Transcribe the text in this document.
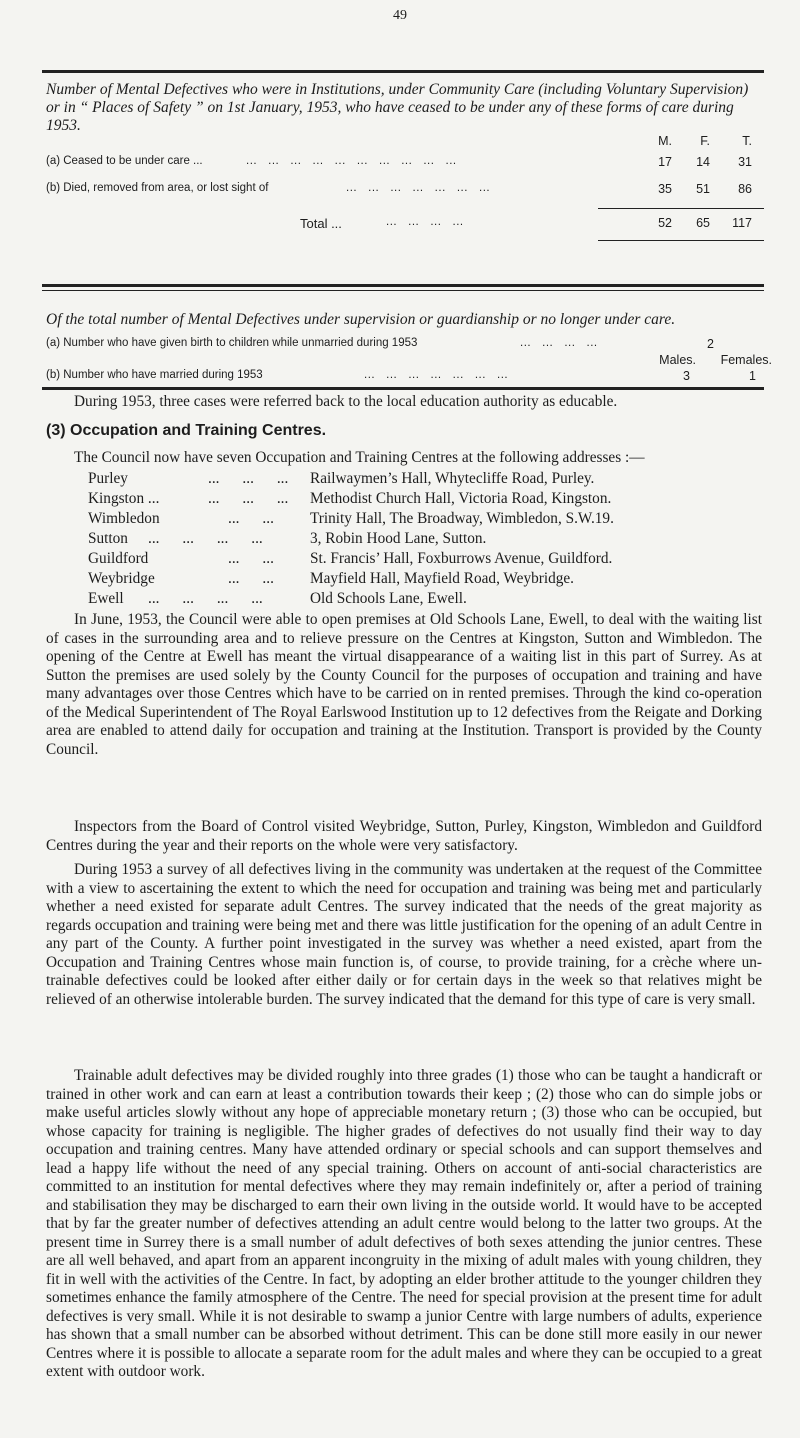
49
Number of Mental Defectives who were in Institutions, under Community Care (including Voluntary Supervision) or in “ Places of Safety ” on 1st January, 1953, who have ceased to be under any of these forms of care during 1953.
M.	F.	T.
(a) Ceased to be under care ...	...   ...   ...   ...   ...   ...   ...   ...   ...   ...	17	14	31
(b) Died, removed from area, or lost sight of	...   ...   ...   ...   ...   ...   ...	35	51	86
Total ...	...   ...   ...   ...	52	65	117
Of the total number of Mental Defectives under supervision or guardianship or no longer under care.
(a) Number who have given birth to children while unmarried during 1953	...   ...   ...   ...	2
Males.	Females.
(b) Number who have married during 1953	...   ...   ...   ...   ...   ...   ...	3	1

During 1953, three cases were referred back to the local education authority as educable.

(3) Occupation and Training Centres.

The Council now have seven Occupation and Training Centres at the following addresses :—

Purley	...      ...      ... Railwaymen’s Hall, Whytecliffe Road, Purley.
Kingston ...	...      ...      ... Methodist Church Hall, Victoria Road, Kingston.
Wimbledon	...      ... Trinity Hall, The Broadway, Wimbledon, S.W.19.
Sutton ...      ...      ...      ...	3, Robin Hood Lane, Sutton.
Guildford	...      ... St. Francis’ Hall, Foxburrows Avenue, Guildford.
Weybridge	...      ... Mayfield Hall, Mayfield Road, Weybridge.
Ewell ...      ...      ...      ...	Old Schools Lane, Ewell.

In June, 1953, the Council were able to open premises at Old Schools Lane, Ewell, to deal with the waiting list of cases in the surrounding area and to relieve pressure on the Centres at Kingston, Sutton and Wimbledon. The opening of the Centre at Ewell has meant the virtual disappearance of a waiting list in this part of Surrey. As at Sutton the premises are used solely by the County Council for the purposes of occupation and training and have many advantages over those Centres which have to be carried on in rented premises. Through the kind co-operation of the Medical Superintendent of The Royal Earlswood Institution up to 12 defectives from the Reigate and Dorking area are enabled to attend daily for occupation and training at the Institution. Transport is provided by the County Council.

Inspectors from the Board of Control visited Weybridge, Sutton, Purley, Kingston, Wimbledon and Guildford Centres during the year and their reports on the whole were very satisfactory.

During 1953 a survey of all defectives living in the community was undertaken at the request of the Committee with a view to ascertaining the extent to which the need for occupation and training was being met and particularly whether a need existed for separate adult Centres. The survey indicated that the needs of the great majority as regards occupation and training were being met and there was little justification for the opening of an adult Centre in any part of the County. A further point investigated in the survey was whether a need existed, apart from the Occupation and Training Centres whose main function is, of course, to provide training, for a crèche where un-trainable defectives could be looked after either daily or for certain days in the week so that relatives might be relieved of an otherwise intolerable burden. The survey indicated that the demand for this type of care is very small.

Trainable adult defectives may be divided roughly into three grades (1) those who can be taught a handicraft or trained in other work and can earn at least a contribution towards their keep ; (2) those who can do simple jobs or make useful articles slowly without any hope of appreciable monetary return ; (3) those who can be occupied, but whose capacity for training is negligible. The higher grades of defectives do not usually find their way to day occupation and training centres. Many have attended ordinary or special schools and can support themselves and lead a happy life without the need of any special training. Others on account of anti-social characteristics are committed to an institution for mental defectives where they may remain indefinitely or, after a period of training and stabilisation they may be discharged to earn their own living in the outside world. It would have to be accepted that by far the greater number of defectives attending an adult centre would belong to the latter two groups. At the present time in Surrey there is a small number of adult defectives of both sexes attending the junior centres. These are all well behaved, and apart from an apparent incongruity in the mixing of adult males with young children, they fit in well with the activities of the Centre. In fact, by adopting an elder brother attitude to the younger children they sometimes enhance the family atmosphere of the Centre. The need for special provision at the present time for adult defectives is very small. While it is not desirable to swamp a junior Centre with large numbers of adults, experience has shown that a small number can be absorbed without detriment. This can be done still more easily in our newer Centres where it is possible to allocate a separate room for the adult males and where they can be occupied to a great extent with outdoor work.
